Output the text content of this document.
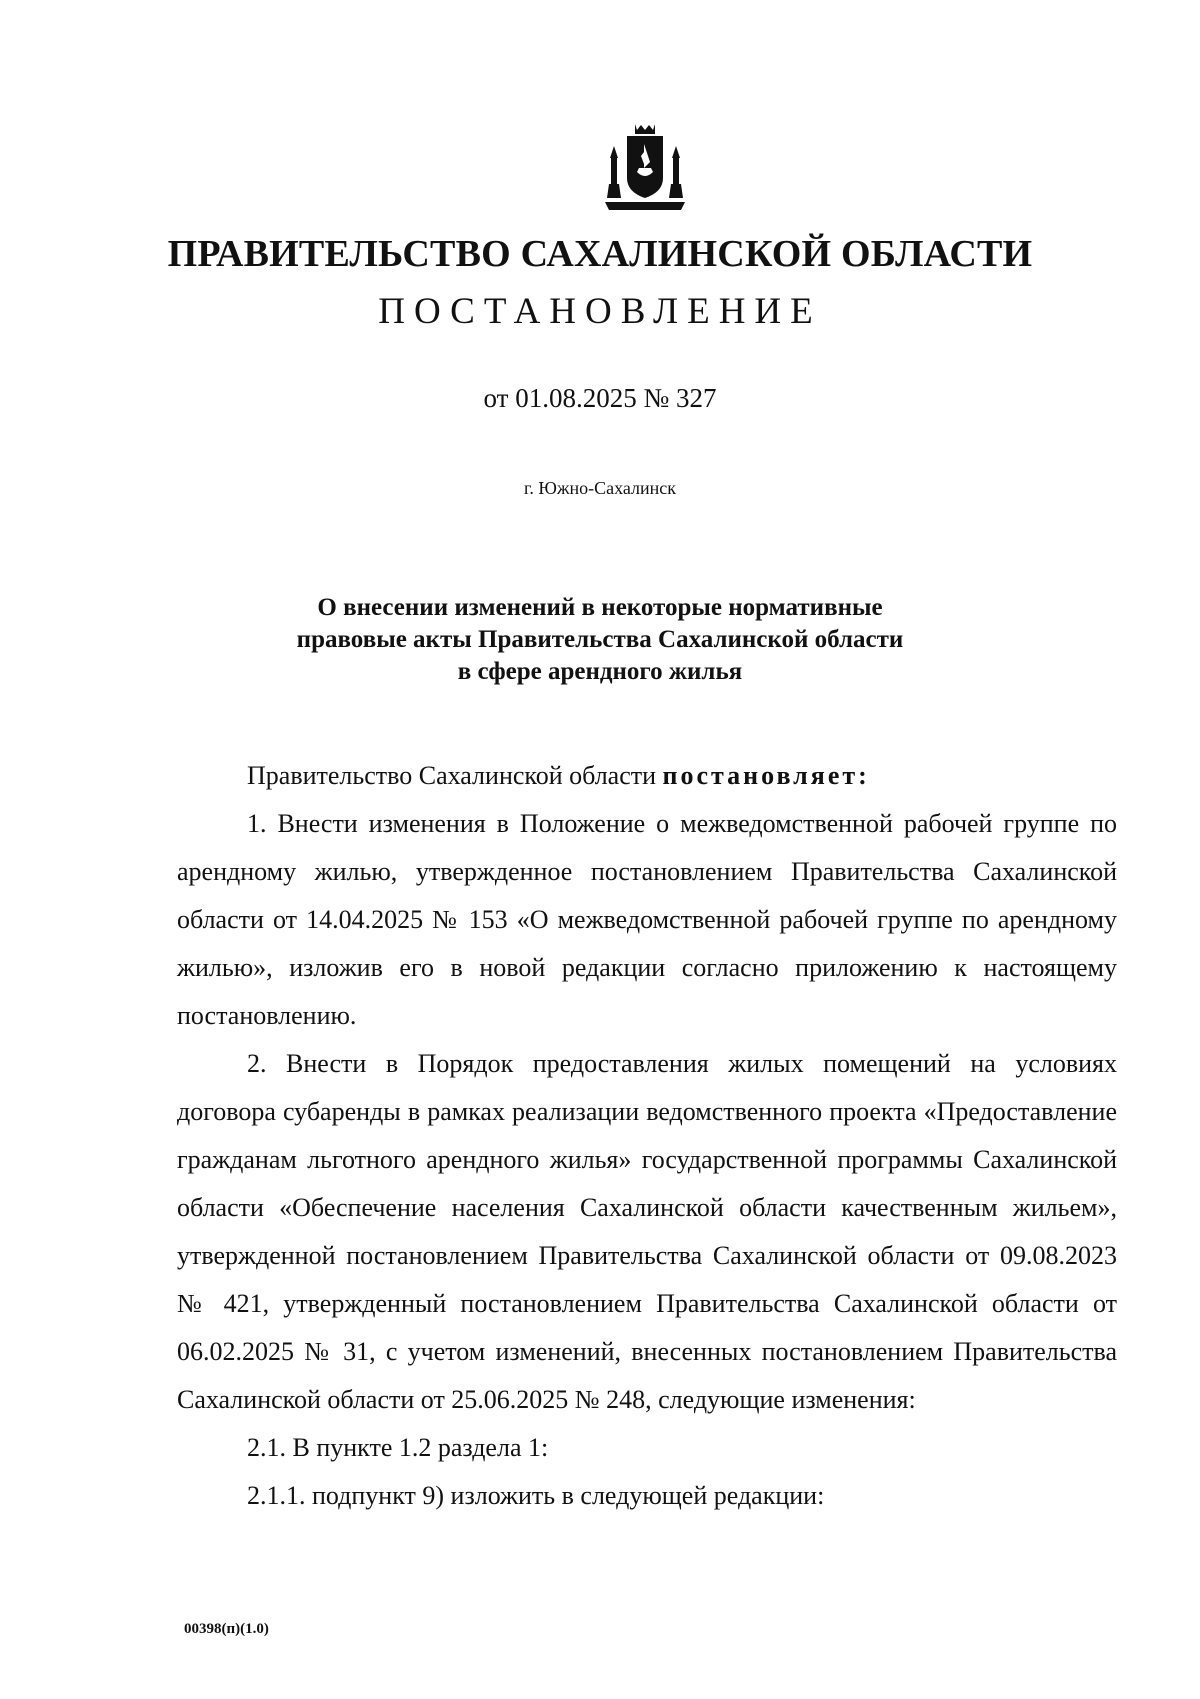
ПРАВИТЕЛЬСТВО САХАЛИНСКОЙ ОБЛАСТИ
ПОСТАНОВЛЕНИЕ
от 01.08.2025 № 327
г. Южно-Сахалинск
О внесении изменений в некоторые нормативные
правовые акты Правительства Сахалинской области
в сфере арендного жилья

Правительство Сахалинской области постановляет:

1. Внести изменения в Положение о межведомственной рабочей группе по арендному жилью, утвержденное постановлением Правительства Сахалинской области от 14.04.2025 № 153 «О межведомственной рабочей группе по арендному жилью», изложив его в новой редакции согласно приложению к настоящему постановлению.

2. Внести в Порядок предоставления жилых помещений на условиях договора субаренды в рамках реализации ведомственного проекта «Предоставление гражданам льготного арендного жилья» государственной программы Сахалинской области «Обеспечение населения Сахалинской области качественным жильем», утвержденной постановлением Правительства Сахалинской области от 09.08.2023 № 421, утвержденный постановлением Правительства Сахалинской области от 06.02.2025 № 31, с учетом изменений, внесенных постановлением Правительства Сахалинской области от 25.06.2025 № 248, следующие изменения:

2.1. В пункте 1.2 раздела 1:

2.1.1. подпункт 9) изложить в следующей редакции:

00398(п)(1.0)
